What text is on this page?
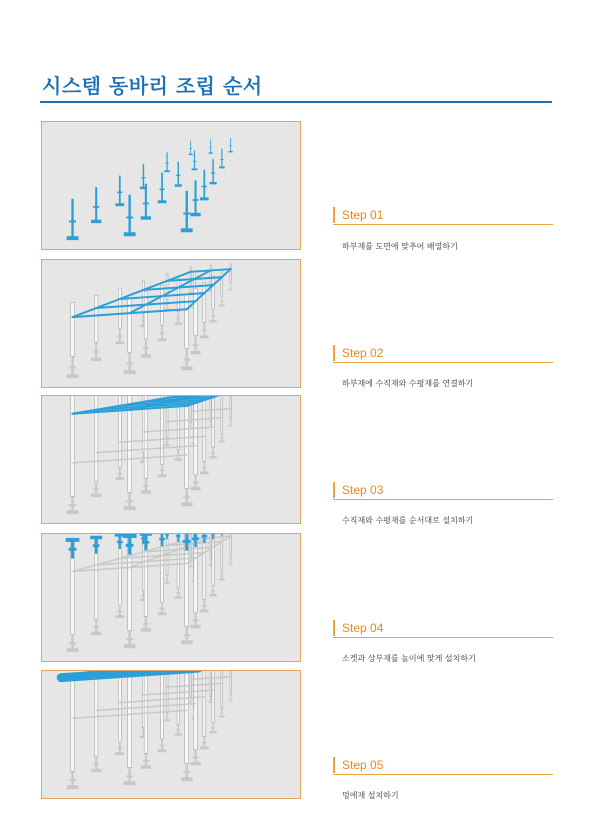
시스템 동바리 조립 순서
Step 01
하부재를 도면에 맞추어 배열하기
Step 02
하부재에 수직재와 수평재를 연결하기
Step 03
수직재와 수평재를 순서대로 설치하기
Step 04
소켓과 상부재를 높이에 맞게 설치하기
Step 05
멍에재 설치하기
